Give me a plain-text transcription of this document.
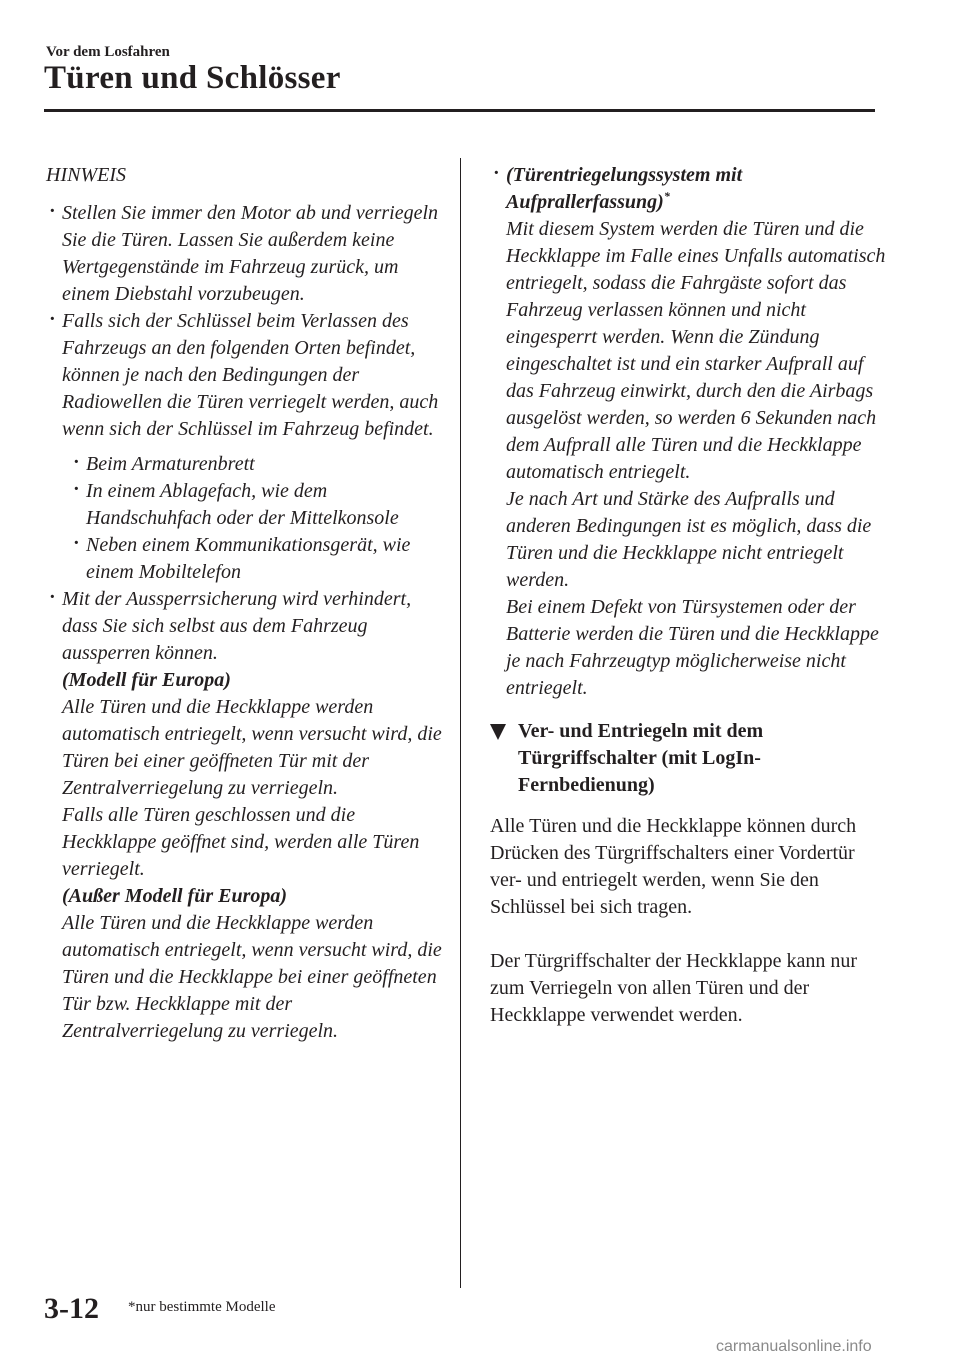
Vor dem Losfahren
Türen und Schlösser
HINWEIS
· Stellen Sie immer den Motor ab und verriegeln Sie die Türen. Lassen Sie außerdem keine Wertgegenstände im Fahrzeug zurück, um einem Diebstahl vorzubeugen.
· Falls sich der Schlüssel beim Verlassen des Fahrzeugs an den folgenden Orten befindet, können je nach den Bedingungen der Radiowellen die Türen verriegelt werden, auch wenn sich der Schlüssel im Fahrzeug befindet.
· Beim Armaturenbrett
· In einem Ablagefach, wie dem Handschuhfach oder der Mittelkonsole
· Neben einem Kommunikationsgerät, wie einem Mobiltelefon
· Mit der Aussperrsicherung wird verhindert, dass Sie sich selbst aus dem Fahrzeug aussperren können.
(Modell für Europa)
Alle Türen und die Heckklappe werden automatisch entriegelt, wenn versucht wird, die Türen bei einer geöffneten Tür mit der Zentralverriegelung zu verriegeln.
Falls alle Türen geschlossen und die Heckklappe geöffnet sind, werden alle Türen verriegelt.
(Außer Modell für Europa)
Alle Türen und die Heckklappe werden automatisch entriegelt, wenn versucht wird, die Türen und die Heckklappe bei einer geöffneten Tür bzw. Heckklappe mit der Zentralverriegelung zu verriegeln.
· (Türentriegelungssystem mit Aufprallerfassung)*
Mit diesem System werden die Türen und die Heckklappe im Falle eines Unfalls automatisch entriegelt, sodass die Fahrgäste sofort das Fahrzeug verlassen können und nicht eingesperrt werden. Wenn die Zündung eingeschaltet ist und ein starker Aufprall auf das Fahrzeug einwirkt, durch den die Airbags ausgelöst werden, so werden 6 Sekunden nach dem Aufprall alle Türen und die Heckklappe automatisch entriegelt.
Je nach Art und Stärke des Aufpralls und anderen Bedingungen ist es möglich, dass die Türen und die Heckklappe nicht entriegelt werden.
Bei einem Defekt von Türsystemen oder der Batterie werden die Türen und die Heckklappe je nach Fahrzeugtyp möglicherweise nicht entriegelt.
Ver- und Entriegeln mit dem Türgriffschalter (mit LogIn-Fernbedienung)
Alle Türen und die Heckklappe können durch Drücken des Türgriffschalters einer Vordertür ver- und entriegelt werden, wenn Sie den Schlüssel bei sich tragen.
Der Türgriffschalter der Heckklappe kann nur zum Verriegeln von allen Türen und der Heckklappe verwendet werden.
3-12 *nur bestimmte Modelle
carmanualsonline.info
